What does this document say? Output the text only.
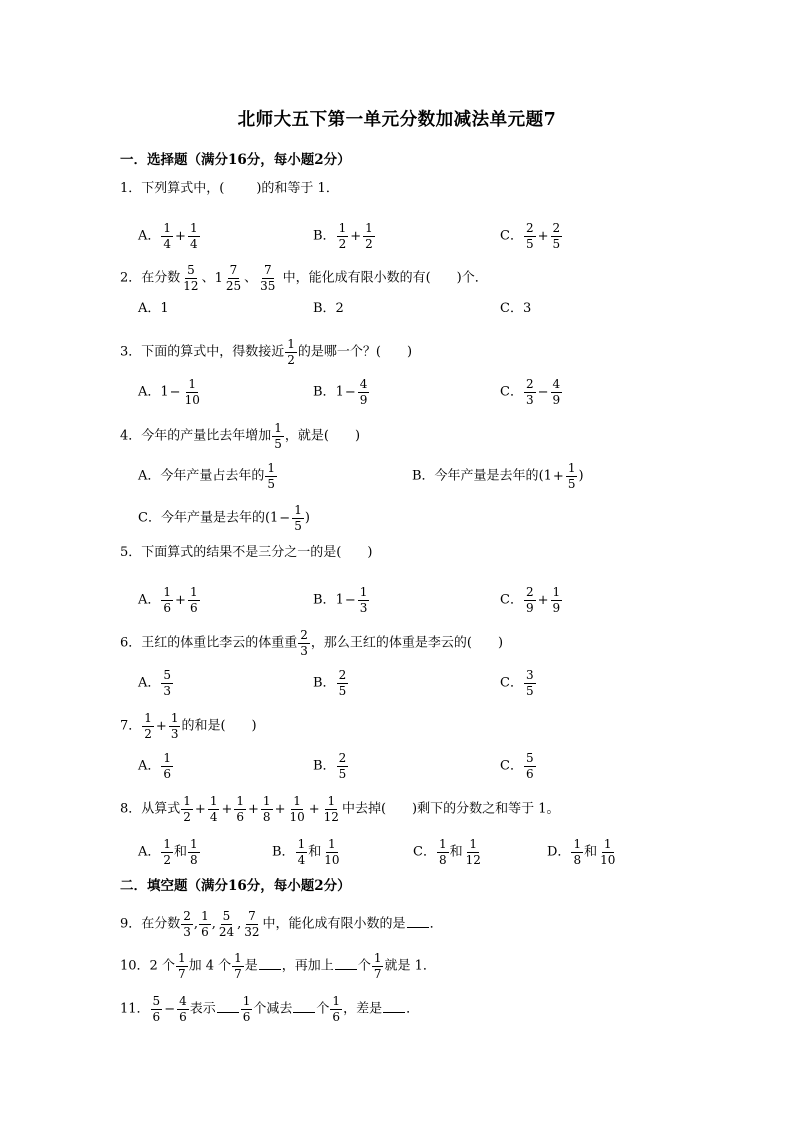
北师大五下第一单元分数加减法单元题7
一．选择题（满分16分，每小题2分）
1．下列算式中，( )的和等于 1．
A． $\frac{1}{4} + \frac{1}{4}$	B． $\frac{1}{2} + \frac{1}{2}$	C． $\frac{2}{5} + \frac{2}{5}$
2．在分数 $\frac{5}{12}$ 、 $1 \frac{7}{25}$ 、 $\frac{7}{35}$ 中，能化成有限小数的有( )个．
A．1	B．2	C．3
3．下面的算式中，得数接近 $\frac{1}{2}$ 的是哪一个？( )
A．$1- \frac{1}{10}$	B．$1- \frac{4}{9}$	C． $\frac{2}{3} - \frac{4}{9}$
4．今年的产量比去年增加 $\frac{1}{5}$ ，就是( )
A．今年产量占去年的 $\frac{1}{5}$	B．今年产量是去年的($1+ \frac{1}{5}$ )
C．今年产量是去年的($1- \frac{1}{5}$ )
5．下面算式的结果不是三分之一的是( )
A． $\frac{1}{6} + \frac{1}{6}$	B．$1- \frac{1}{3}$	C． $\frac{2}{9} + \frac{1}{9}$
6．王红的体重比李云的体重重 $\frac{2}{3}$ ，那么王红的体重是李云的( )
A． $\frac{5}{3}$	B． $\frac{2}{5}$	C． $\frac{3}{5}$
7． $\frac{1}{2} + \frac{1}{3}$ 的和是( )
A． $\frac{1}{6}$	B． $\frac{2}{5}$	C． $\frac{5}{6}$
8．从算式 $\frac{1}{2} + \frac{1}{4} + \frac{1}{6} + \frac{1}{8} + \frac{1}{10} + \frac{1}{12}$ 中去掉( )剩下的分数之和等于 1。
A． $\frac{1}{2}$ 和 $\frac{1}{8}$	B． $\frac{1}{4}$ 和 $\frac{1}{10}$	C． $\frac{1}{8}$ 和 $\frac{1}{12}$	D． $\frac{1}{8}$ 和 $\frac{1}{10}$
二．填空题（满分16分，每小题2分）
9．在分数 $\frac{2}{3}$ , $\frac{1}{6}$ , $\frac{5}{24}$ , $\frac{7}{32}$ 中，能化成有限小数的是 ．
10．2 个 $\frac{1}{7}$ 加 4 个 $\frac{1}{7}$ 是 ，再加上 个 $\frac{1}{7}$ 就是 1．
11． $\frac{5}{6} - \frac{4}{6}$ 表示 $\frac{1}{6}$ 个减去 个 $\frac{1}{6}$ ，差是 ．
